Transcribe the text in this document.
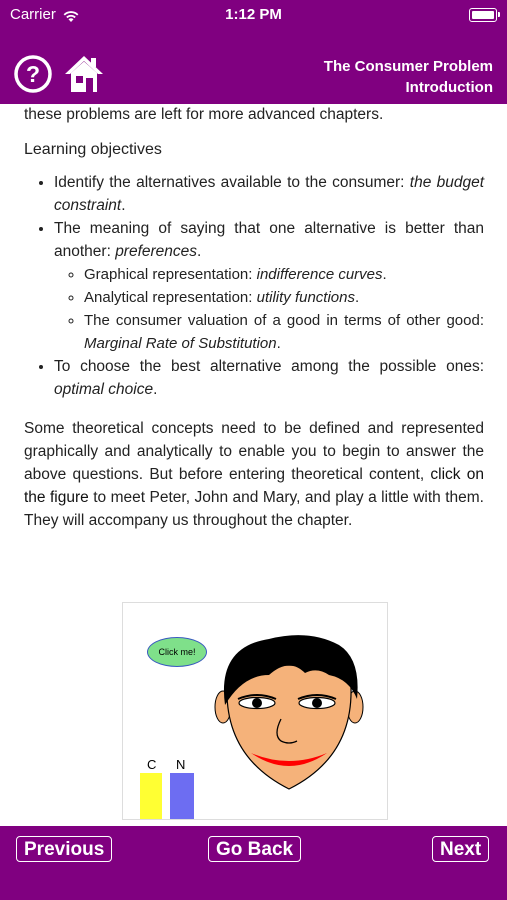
Carrier	1:12 PM
?	The Consumer Problem
Introduction

these problems are left for more advanced chapters.

Learning objectives

• Identify the alternatives available to the consumer: the budget constraint.
• The meaning of saying that one alternative is better than another: preferences.
◦ Graphical representation: indifference curves.
◦ Analytical representation: utility functions.
◦ The consumer valuation of a good in terms of other good: Marginal Rate of Substitution.
• To choose the best alternative among the possible ones: optimal choice.

Some theoretical concepts need to be defined and represented graphically and analytically to enable you to begin to answer the above questions. But before entering theoretical content, click on the figure to meet Peter, John and Mary, and play a little with them. They will accompany us throughout the chapter.

Click me!
C N
Previous	Go Back	Next
